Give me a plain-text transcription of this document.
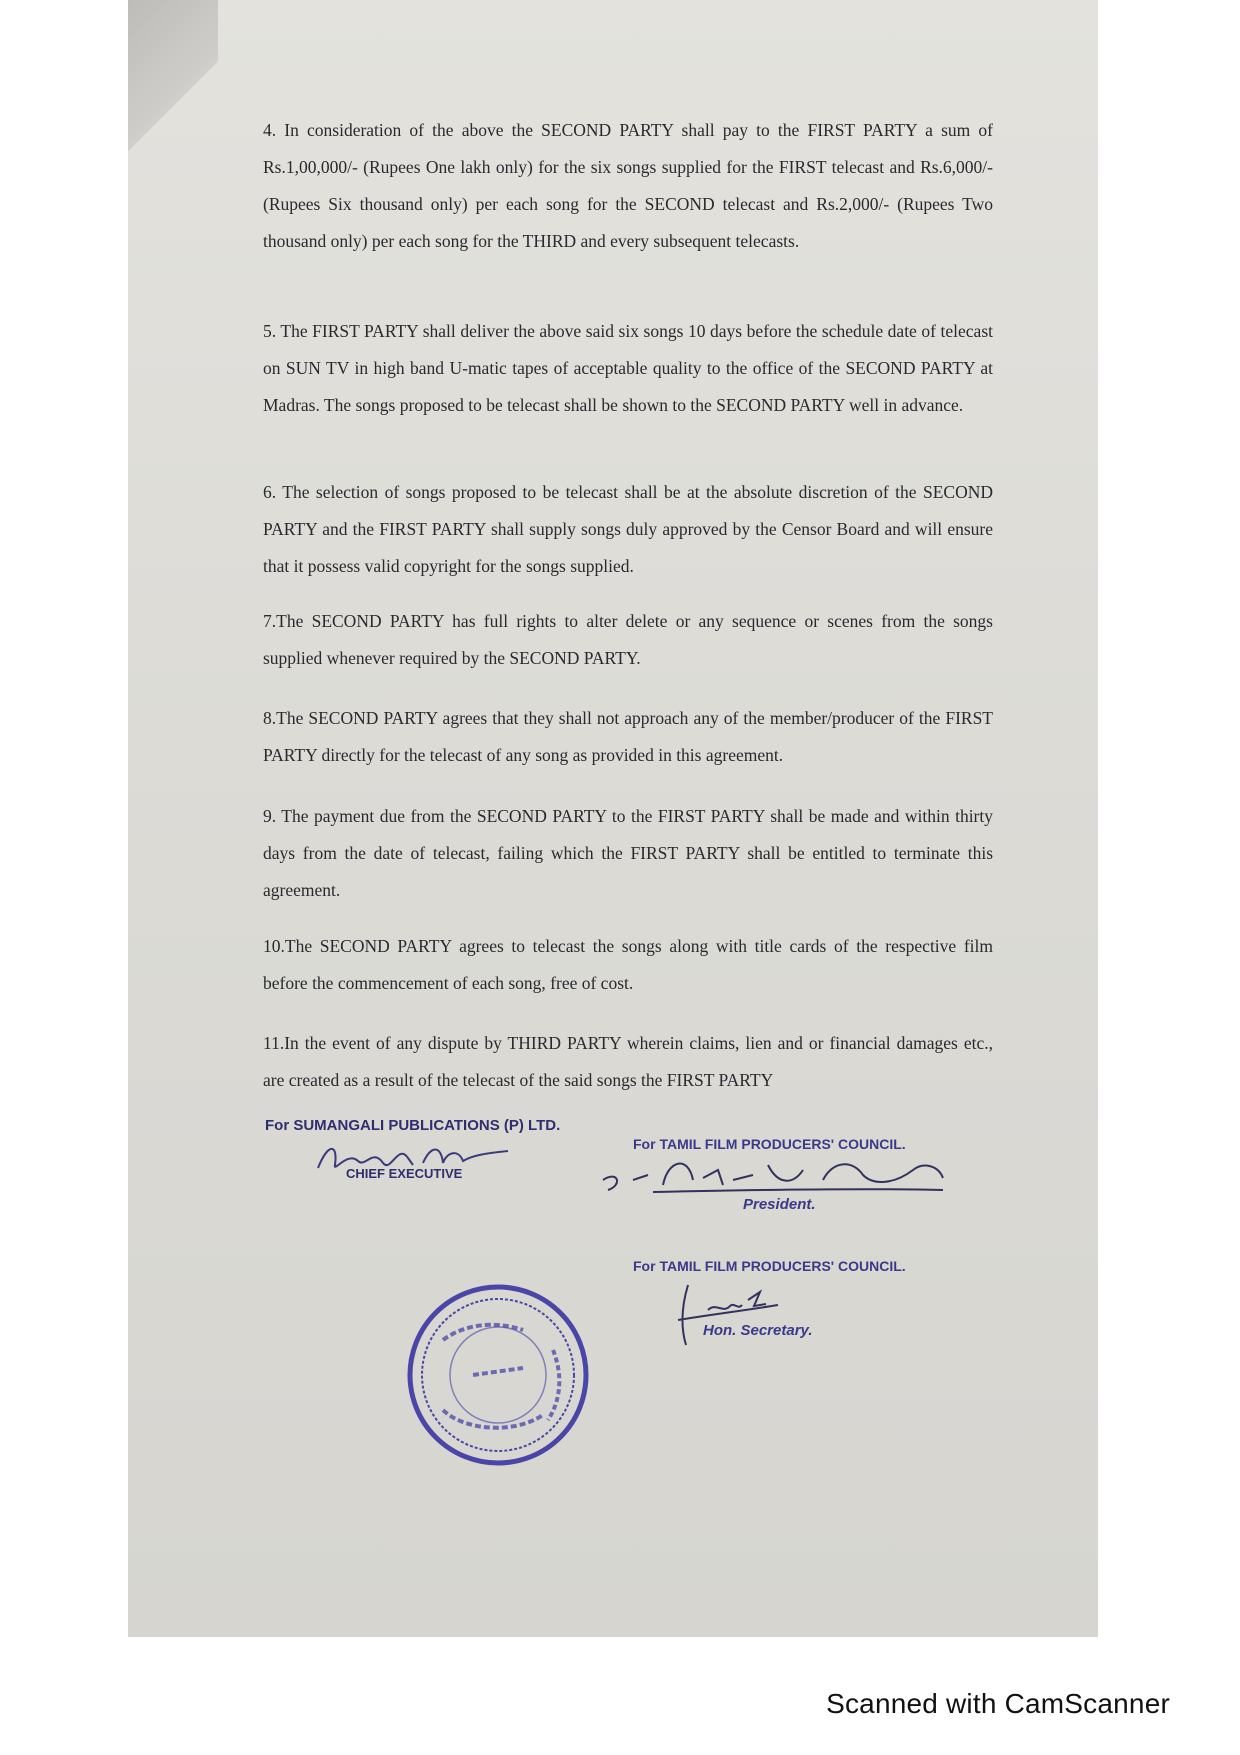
4. In consideration of the above the SECOND PARTY shall pay to the FIRST PARTY a sum of Rs.1,00,000/- (Rupees One lakh only) for the six songs supplied for the FIRST telecast and Rs.6,000/- (Rupees Six thousand only) per each song for the SECOND telecast and Rs.2,000/- (Rupees Two thousand only) per each song for the THIRD and every subsequent telecasts.

5. The FIRST PARTY shall deliver the above said six songs 10 days before the schedule date of telecast on SUN TV in high band U-matic tapes of acceptable quality to the office of the SECOND PARTY at Madras. The songs proposed to be telecast shall be shown to the SECOND PARTY well in advance.

6. The selection of songs proposed to be telecast shall be at the absolute discretion of the SECOND PARTY and the FIRST PARTY shall supply songs duly approved by the Censor Board and will ensure that it possess valid copyright for the songs supplied.

7.The SECOND PARTY has full rights to alter delete or any sequence or scenes from the songs supplied whenever required by the SECOND PARTY.

8.The SECOND PARTY agrees that they shall not approach any of the member/producer of the FIRST PARTY directly for the telecast of any song as provided in this agreement.

9. The payment due from the SECOND PARTY to the FIRST PARTY shall be made and within thirty days from the date of telecast, failing which the FIRST PARTY shall be entitled to terminate this agreement.

10.The SECOND PARTY agrees to telecast the songs along with title cards of the respective film before the commencement of each song, free of cost.

11.In the event of any dispute by THIRD PARTY wherein claims, lien and or financial damages etc., are created as a result of the telecast of the said songs the FIRST PARTY

For SUMANGALI PUBLICATIONS (P) LTD.
CHIEF EXECUTIVE
For TAMIL FILM PRODUCERS' COUNCIL.
President.
For TAMIL FILM PRODUCERS' COUNCIL.
Hon. Secretary.
Scanned with CamScanner
